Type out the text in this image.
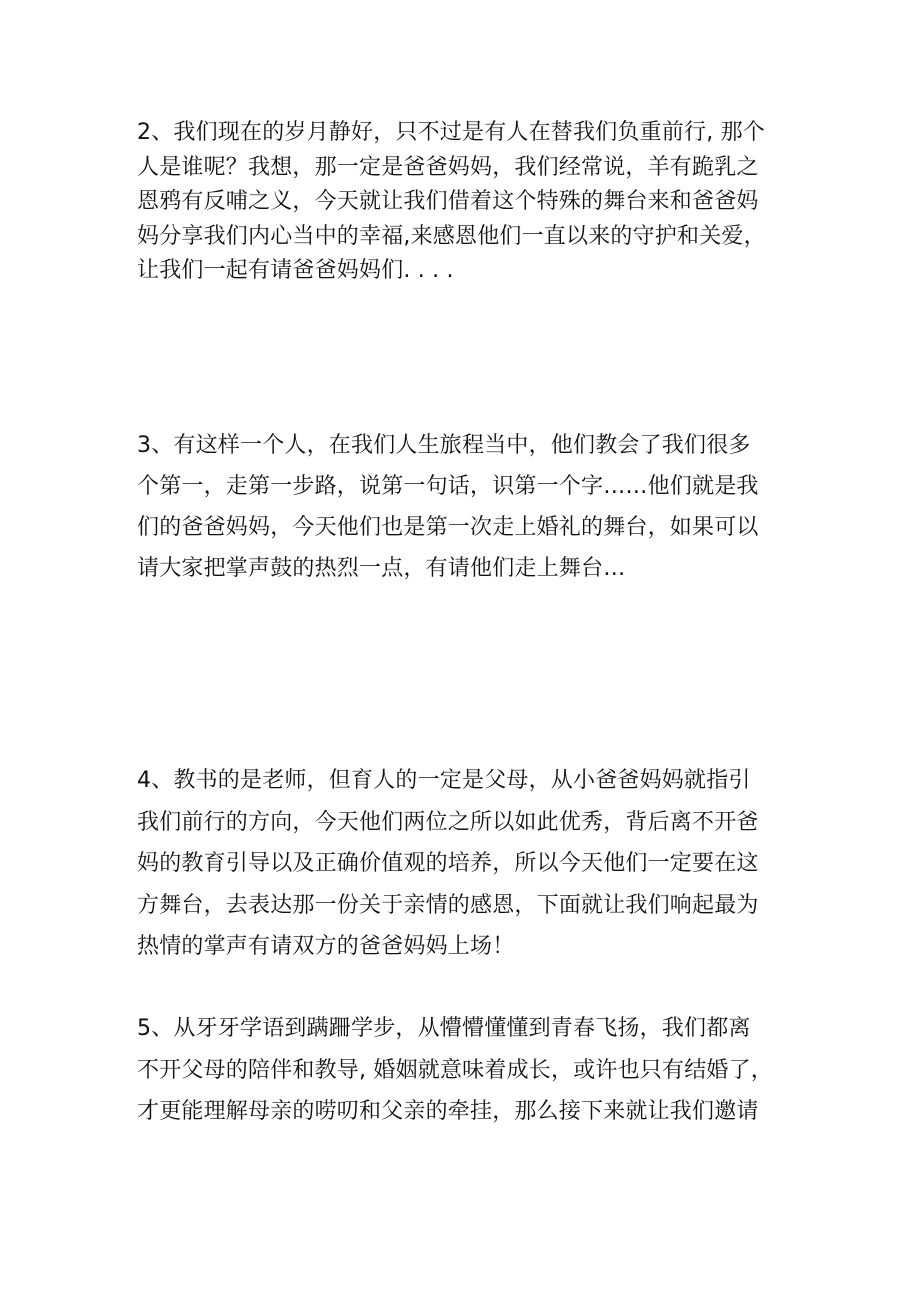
2、我们现在的岁月静好，只不过是有人在替我们负重前行, 那个
人是谁呢？我想，那一定是爸爸妈妈，我们经常说，羊有跪乳之
恩鸦有反哺之义，今天就让我们借着这个特殊的舞台来和爸爸妈
妈分享我们内心当中的幸福,来感恩他们一直以来的守护和关爱，
让我们一起有请爸爸妈妈们. . . .
3、有这样一个人，在我们人生旅程当中，他们教会了我们很多
个第一，走第一步路，说第一句话，识第一个字……他们就是我
们的爸爸妈妈，今天他们也是第一次走上婚礼的舞台，如果可以
请大家把掌声鼓的热烈一点，有请他们走上舞台…
4、教书的是老师，但育人的一定是父母，从小爸爸妈妈就指引
我们前行的方向，今天他们两位之所以如此优秀，背后离不开爸
妈的教育引导以及正确价值观的培养，所以今天他们一定要在这
方舞台，去表达那一份关于亲情的感恩，下面就让我们响起最为
热情的掌声有请双方的爸爸妈妈上场！
5、从牙牙学语到蹒跚学步，从懵懵懂懂到青春飞扬，我们都离
不开父母的陪伴和教导, 婚姻就意味着成长，或许也只有结婚了，
才更能理解母亲的唠叨和父亲的牵挂，那么接下来就让我们邀请
